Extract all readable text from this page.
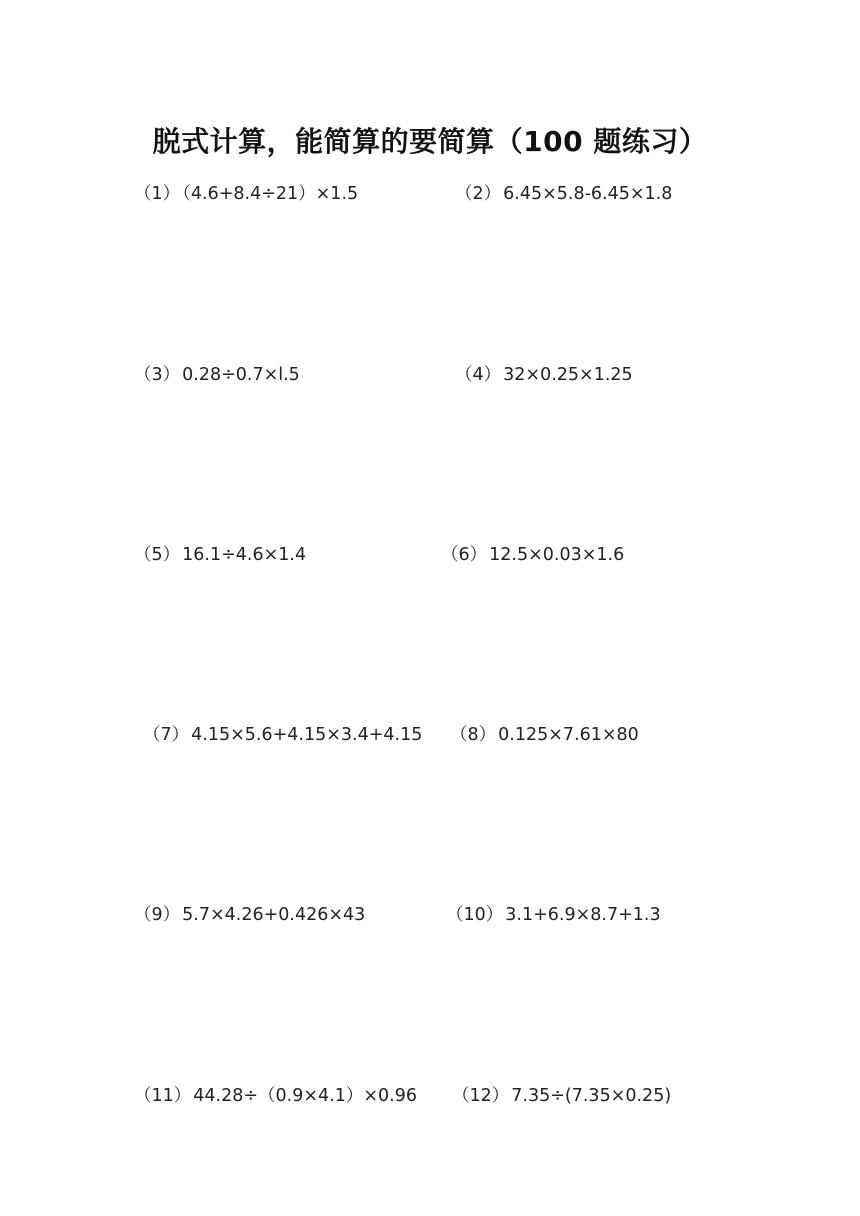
脱式计算，能简算的要简算（100 题练习）
（1） （4.6+8.4÷21）×1.5	（2） 6.45×5.8-6.45×1.8
（3） 0.28÷0.7×l.5	（4） 32×0.25×1.25
（5） 16.1÷4.6×1.4	（6） 12.5×0.03×1.6
（7） 4.15×5.6+4.15×3.4+4.15 （8） 0.125×7.61×80
（9） 5.7×4.26+0.426×43	（10） 3.1+6.9×8.7+1.3
（11） 44.28÷（0.9×4.1）×0.96 （12） 7.35÷(7.35×0.25)
